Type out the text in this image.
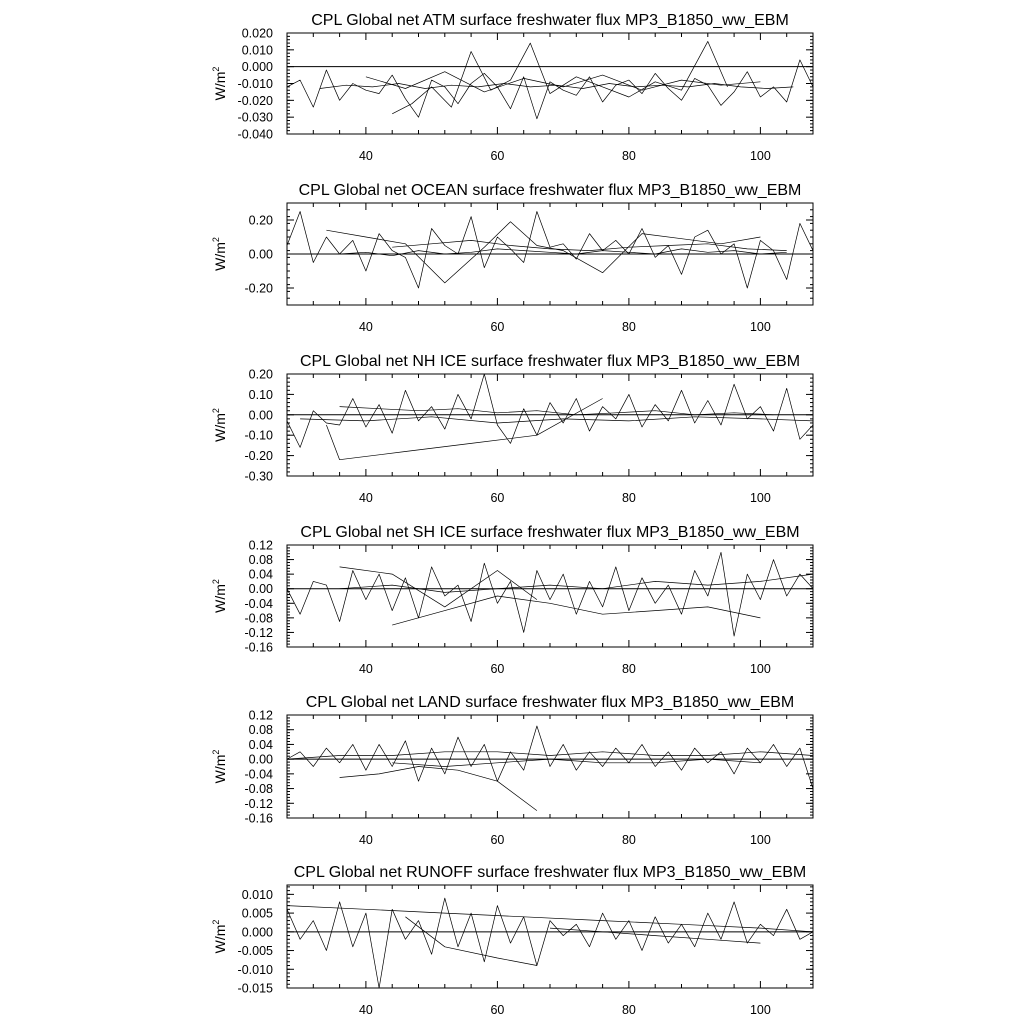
CPL Global net ATM surface freshwater flux MP3_B1850_ww_EBM
40	60	80	100
0.020
0.010
0.000
-0.010
-0.020
-0.030
-0.040
$W/m^2$
CPL Global net OCEAN surface freshwater flux MP3_B1850_ww_EBM
40	60	80	100
0.20
0.00
-0.20
$W/m^2$
CPL Global net NH ICE surface freshwater flux MP3_B1850_ww_EBM
40	60	80	100
0.20
0.10
0.00
-0.10
-0.20
-0.30
$W/m^2$
CPL Global net SH ICE surface freshwater flux MP3_B1850_ww_EBM
40	60	80	100
0.12
0.08
0.04
0.00
-0.04
-0.08
-0.12
-0.16
$W/m^2$
CPL Global net LAND surface freshwater flux MP3_B1850_ww_EBM
40	60	80	100
0.12
0.08
0.04
0.00
-0.04
-0.08
-0.12
-0.16
$W/m^2$
CPL Global net RUNOFF surface freshwater flux MP3_B1850_ww_EBM
40	60	80	100
0.010
0.005
0.000
-0.005
-0.010
-0.015
$W/m^2$
